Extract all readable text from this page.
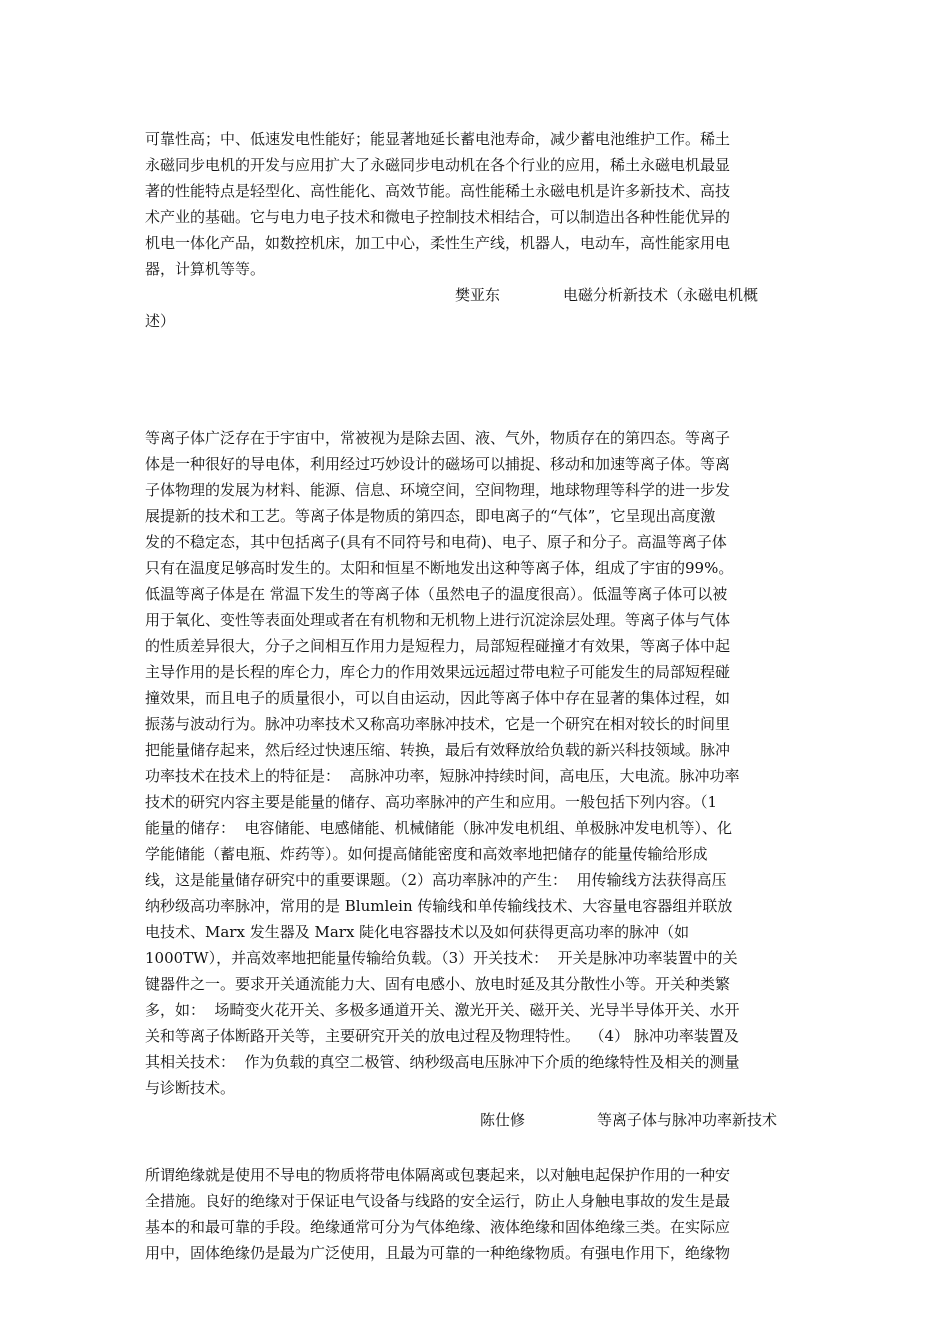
可靠性高；中、低速发电性能好；能显著地延长蓄电池寿命，减少蓄电池维护工作。稀土
永磁同步电机的开发与应用扩大了永磁同步电动机在各个行业的应用，稀土永磁电机最显
著的性能特点是轻型化、高性能化、高效节能。高性能稀土永磁电机是许多新技术、高技
术产业的基础。它与电力电子技术和微电子控制技术相结合，可以制造出各种性能优异的
机电一体化产品，如数控机床，加工中心，柔性生产线，机器人，电动车，高性能家用电
器，计算机等等。
樊亚东	电磁分析新技术（永磁电机概
述）
等离子体广泛存在于宇宙中，常被视为是除去固、液、气外，物质存在的第四态。等离子
体是一种很好的导电体，利用经过巧妙设计的磁场可以捕捉、移动和加速等离子体。等离
子体物理的发展为材料、能源、信息、环境空间，空间物理，地球物理等科学的进一步发
展提新的技术和工艺。等离子体是物质的第四态，即电离子的“气体”，它呈现出高度激
发的不稳定态，其中包括离子(具有不同符号和电荷)、电子、原子和分子。高温等离子体
只有在温度足够高时发生的。太阳和恒星不断地发出这种等离子体，组成了宇宙的99%。
低温等离子体是在 常温下发生的等离子体（虽然电子的温度很高）。低温等离子体可以被
用于氧化、变性等表面处理或者在有机物和无机物上进行沉淀涂层处理。等离子体与气体
的性质差异很大，分子之间相互作用力是短程力，局部短程碰撞才有效果，等离子体中起
主导作用的是长程的库仑力，库仑力的作用效果远远超过带电粒子可能发生的局部短程碰
撞效果，而且电子的质量很小，可以自由运动，因此等离子体中存在显著的集体过程，如
振荡与波动行为。脉冲功率技术又称高功率脉冲技术，它是一个研究在相对较长的时间里
把能量储存起来，然后经过快速压缩、转换，最后有效释放给负载的新兴科技领域。脉冲
功率技术在技术上的特征是：  高脉冲功率，短脉冲持续时间，高电压，大电流。脉冲功率
技术的研究内容主要是能量的储存、高功率脉冲的产生和应用。一般包括下列内容。（1
能量的储存：  电容储能、电感储能、机械储能（脉冲发电机组、单极脉冲发电机等）、化
学能储能（蓄电瓶、炸药等）。如何提高储能密度和高效率地把储存的能量传输给形成
线，这是能量储存研究中的重要课题。（2）高功率脉冲的产生：  用传输线方法获得高压
纳秒级高功率脉冲，常用的是 Blumlein 传输线和单传输线技术、大容量电容器组并联放
电技术、Marx 发生器及 Marx 陡化电容器技术以及如何获得更高功率的脉冲（如
1000TW），并高效率地把能量传输给负载。（3）开关技术：  开关是脉冲功率装置中的关
键器件之一。要求开关通流能力大、固有电感小、放电时延及其分散性小等。开关种类繁
多，如：  场畸变火花开关、多极多通道开关、激光开关、磁开关、光导半导体开关、水开
关和等离子体断路开关等，主要研究开关的放电过程及物理特性。  （4） 脉冲功率装置及
其相关技术：  作为负载的真空二极管、纳秒级高电压脉冲下介质的绝缘特性及相关的测量
与诊断技术。
陈仕修	等离子体与脉冲功率新技术
所谓绝缘就是使用不导电的物质将带电体隔离或包裹起来，以对触电起保护作用的一种安
全措施。良好的绝缘对于保证电气设备与线路的安全运行，防止人身触电事故的发生是最
基本的和最可靠的手段。绝缘通常可分为气体绝缘、液体绝缘和固体绝缘三类。在实际应
用中，固体绝缘仍是最为广泛使用，且最为可靠的一种绝缘物质。有强电作用下，绝缘物
